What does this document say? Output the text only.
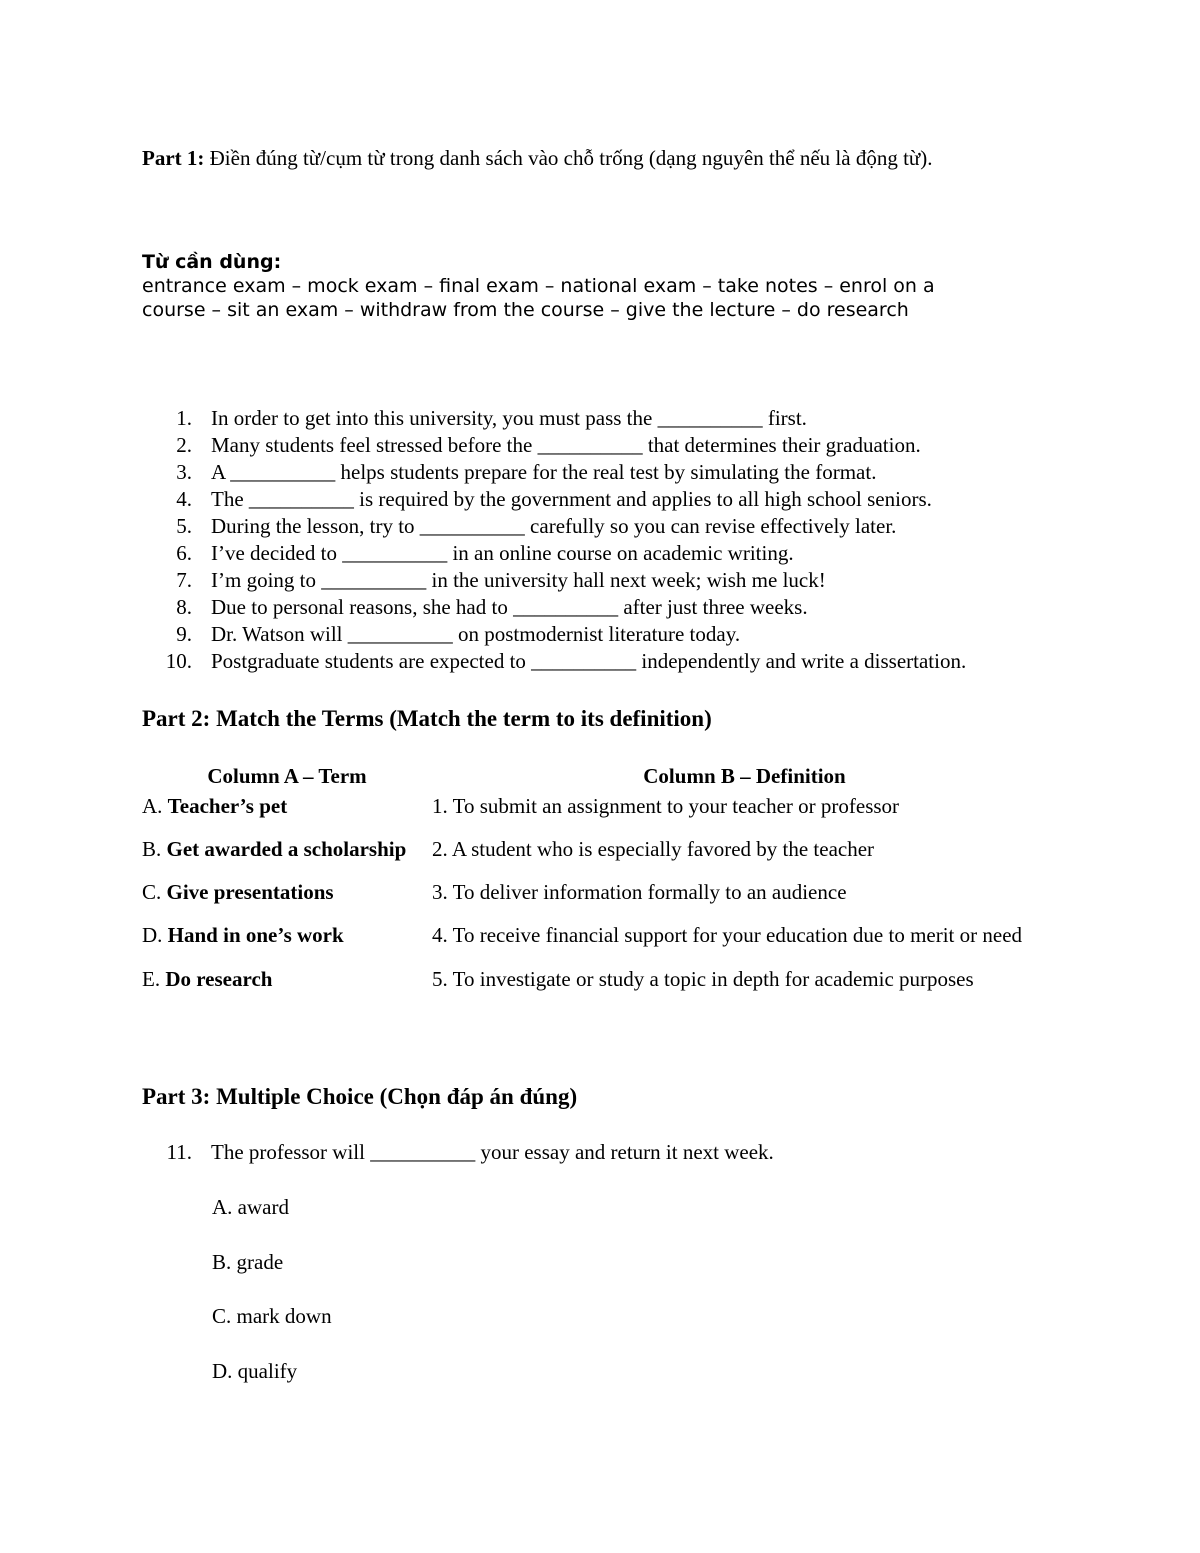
Part 1: Điền đúng từ/cụm từ trong danh sách vào chỗ trống (dạng nguyên thể nếu là động từ).
Từ cần dùng:
entrance exam – mock exam – final exam – national exam – take notes – enrol on a
course – sit an exam – withdraw from the course – give the lecture – do research
1. In order to get into this university, you must pass the __________ first.
2. Many students feel stressed before the __________ that determines their graduation.
3. A __________ helps students prepare for the real test by simulating the format.
4. The __________ is required by the government and applies to all high school seniors.
5. During the lesson, try to __________ carefully so you can revise effectively later.
6. I’ve decided to __________ in an online course on academic writing.
7. I’m going to __________ in the university hall next week; wish me luck!
8. Due to personal reasons, she had to __________ after just three weeks.
9. Dr. Watson will __________ on postmodernist literature today.
10. Postgraduate students are expected to __________ independently and write a dissertation.
Part 2: Match the Terms (Match the term to its definition)
Column A – Term	Column B – Definition
A. Teacher’s pet	1. To submit an assignment to your teacher or professor
B. Get awarded a scholarship	2. A student who is especially favored by the teacher
C. Give presentations	3. To deliver information formally to an audience
D. Hand in one’s work	4. To receive financial support for your education due to merit or need
E. Do research	5. To investigate or study a topic in depth for academic purposes
Part 3: Multiple Choice (Chọn đáp án đúng)
11. The professor will __________ your essay and return it next week.
A. award
B. grade
C. mark down
D. qualify
